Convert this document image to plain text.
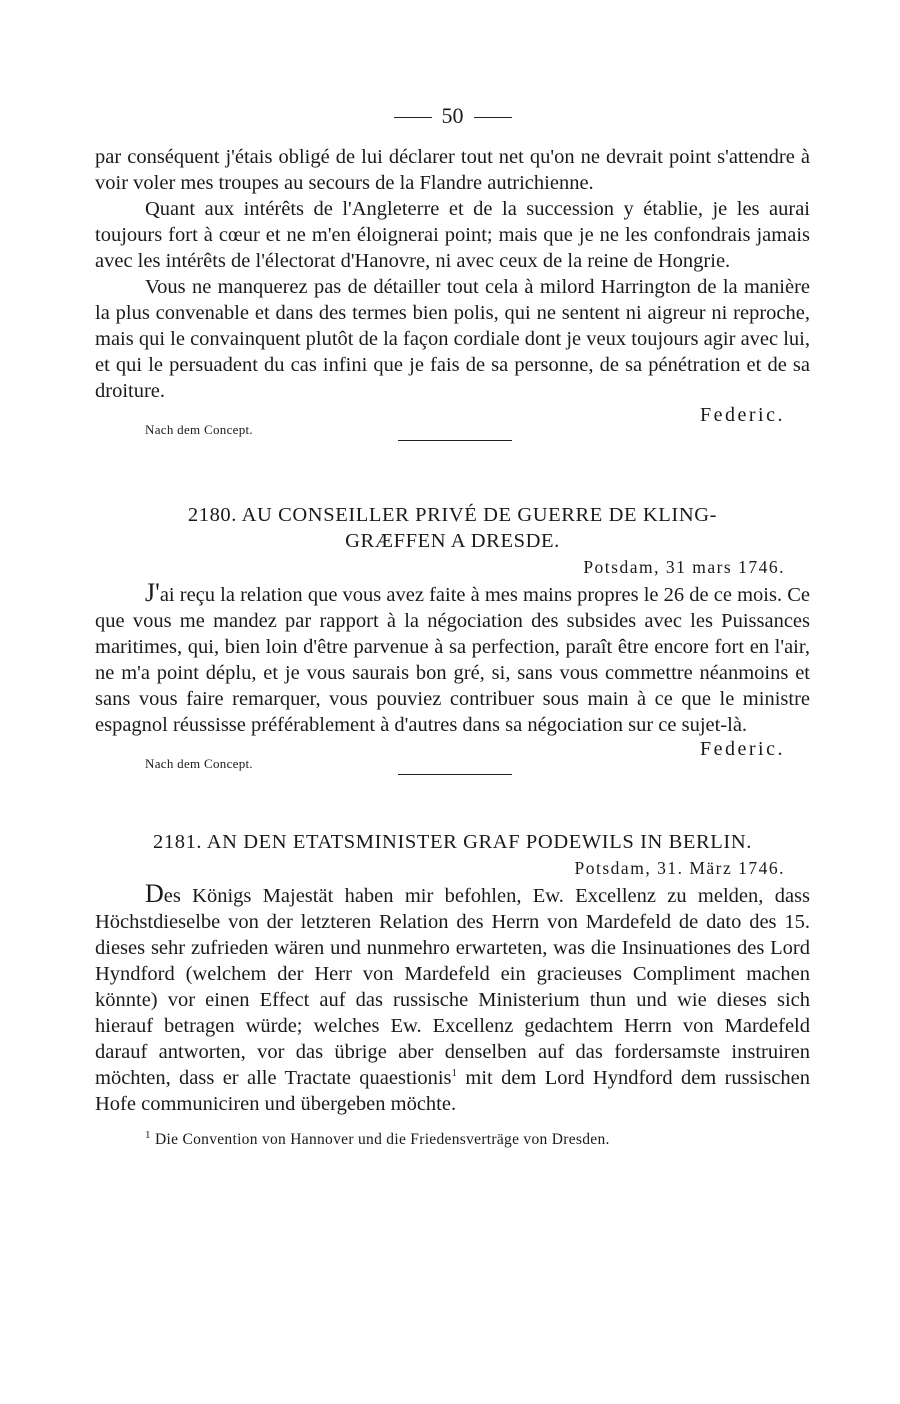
50

par conséquent j'étais obligé de lui déclarer tout net qu'on ne devrait point s'attendre à voir voler mes troupes au secours de la Flandre autrichienne.

Quant aux intérêts de l'Angleterre et de la succession y établie, je les aurai toujours fort à cœur et ne m'en éloignerai point; mais que je ne les confondrais jamais avec les intérêts de l'électorat d'Hanovre, ni avec ceux de la reine de Hongrie.

Vous ne manquerez pas de détailler tout cela à milord Harrington de la manière la plus convenable et dans des termes bien polis, qui ne sentent ni aigreur ni reproche, mais qui le convainquent plutôt de la façon cordiale dont je veux toujours agir avec lui, et qui le persuadent du cas infini que je fais de sa personne, de sa pénétration et de sa droiture.

Federic.
Nach dem Concept.
2180. AU CONSEILLER PRIVÉ DE GUERRE DE KLING-
GRÆFFEN A DRESDE.
Potsdam, 31 mars 1746.

J'ai reçu la relation que vous avez faite à mes mains propres le 26 de ce mois. Ce que vous me mandez par rapport à la négociation des subsides avec les Puissances maritimes, qui, bien loin d'être parvenue à sa perfection, paraît être encore fort en l'air, ne m'a point déplu, et je vous saurais bon gré, si, sans vous commettre néanmoins et sans vous faire remarquer, vous pouviez contribuer sous main à ce que le ministre espagnol réussisse préférablement à d'autres dans sa négociation sur ce sujet-là.

Federic.
Nach dem Concept.
2181. AN DEN ETATSMINISTER GRAF PODEWILS IN BERLIN.
Potsdam, 31. März 1746.

Des Königs Majestät haben mir befohlen, Ew. Excellenz zu melden, dass Höchstdieselbe von der letzteren Relation des Herrn von Mardefeld de dato des 15. dieses sehr zufrieden wären und nunmehro erwarteten, was die Insinuationes des Lord Hyndford (welchem der Herr von Mardefeld ein gracieuses Compliment machen könnte) vor einen Effect auf das russische Ministerium thun und wie dieses sich hierauf betragen würde; welches Ew. Excellenz gedachtem Herrn von Mardefeld darauf antworten, vor das übrige aber denselben auf das fordersamste instruiren möchten, dass er alle Tractate quaestionis$^1$ mit dem Lord Hyndford dem russischen Hofe communiciren und übergeben möchte.

$^1$ Die Convention von Hannover und die Friedensverträge von Dresden.
